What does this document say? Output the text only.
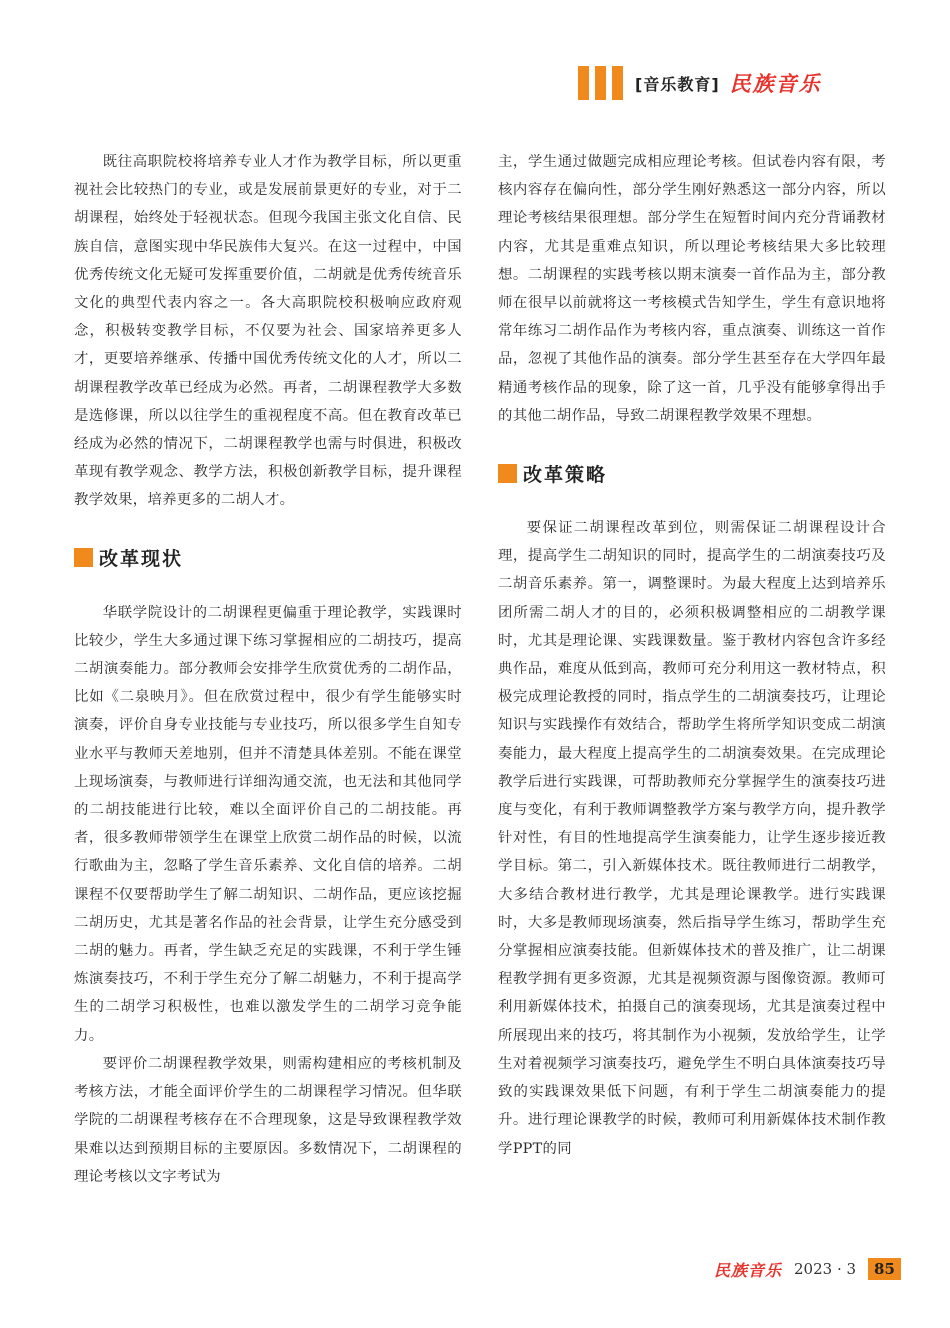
[音乐教育] 民族音乐

既往高职院校将培养专业人才作为教学目标，所以更重视社会比较热门的专业，或是发展前景更好的专业，对于二胡课程，始终处于轻视状态。但现今我国主张文化自信、民族自信，意图实现中华民族伟大复兴。在这一过程中，中国优秀传统文化无疑可发挥重要价值，二胡就是优秀传统音乐文化的典型代表内容之一。各大高职院校积极响应政府观念，积极转变教学目标，不仅要为社会、国家培养更多人才，更要培养继承、传播中国优秀传统文化的人才，所以二胡课程教学改革已经成为必然。再者，二胡课程教学大多数是选修课，所以以往学生的重视程度不高。但在教育改革已经成为必然的情况下，二胡课程教学也需与时俱进，积极改革现有教学观念、教学方法，积极创新教学目标，提升课程教学效果，培养更多的二胡人才。

改革现状

华联学院设计的二胡课程更偏重于理论教学，实践课时比较少，学生大多通过课下练习掌握相应的二胡技巧，提高二胡演奏能力。部分教师会安排学生欣赏优秀的二胡作品，比如《二泉映月》。但在欣赏过程中，很少有学生能够实时演奏，评价自身专业技能与专业技巧，所以很多学生自知专业水平与教师天差地别，但并不清楚具体差别。不能在课堂上现场演奏，与教师进行详细沟通交流，也无法和其他同学的二胡技能进行比较，难以全面评价自己的二胡技能。再者，很多教师带领学生在课堂上欣赏二胡作品的时候，以流行歌曲为主，忽略了学生音乐素养、文化自信的培养。二胡课程不仅要帮助学生了解二胡知识、二胡作品，更应该挖掘二胡历史，尤其是著名作品的社会背景，让学生充分感受到二胡的魅力。再者，学生缺乏充足的实践课，不利于学生锤炼演奏技巧，不利于学生充分了解二胡魅力，不利于提高学生的二胡学习积极性，也难以激发学生的二胡学习竞争能力。

要评价二胡课程教学效果，则需构建相应的考核机制及考核方法，才能全面评价学生的二胡课程学习情况。但华联学院的二胡课程考核存在不合理现象，这是导致课程教学效果难以达到预期目标的主要原因。多数情况下，二胡课程的理论考核以文字考试为

主，学生通过做题完成相应理论考核。但试卷内容有限，考核内容存在偏向性，部分学生刚好熟悉这一部分内容，所以理论考核结果很理想。部分学生在短暂时间内充分背诵教材内容，尤其是重难点知识，所以理论考核结果大多比较理想。二胡课程的实践考核以期末演奏一首作品为主，部分教师在很早以前就将这一考核模式告知学生，学生有意识地将常年练习二胡作品作为考核内容，重点演奏、训练这一首作品，忽视了其他作品的演奏。部分学生甚至存在大学四年最精通考核作品的现象，除了这一首，几乎没有能够拿得出手的其他二胡作品，导致二胡课程教学效果不理想。

改革策略

要保证二胡课程改革到位，则需保证二胡课程设计合理，提高学生二胡知识的同时，提高学生的二胡演奏技巧及二胡音乐素养。第一，调整课时。为最大程度上达到培养乐团所需二胡人才的目的，必须积极调整相应的二胡教学课时，尤其是理论课、实践课数量。鉴于教材内容包含许多经典作品，难度从低到高，教师可充分利用这一教材特点，积极完成理论教授的同时，指点学生的二胡演奏技巧，让理论知识与实践操作有效结合，帮助学生将所学知识变成二胡演奏能力，最大程度上提高学生的二胡演奏效果。在完成理论教学后进行实践课，可帮助教师充分掌握学生的演奏技巧进度与变化，有利于教师调整教学方案与教学方向，提升教学针对性，有目的性地提高学生演奏能力，让学生逐步接近教学目标。第二，引入新媒体技术。既往教师进行二胡教学，大多结合教材进行教学，尤其是理论课教学。进行实践课时，大多是教师现场演奏，然后指导学生练习，帮助学生充分掌握相应演奏技能。但新媒体技术的普及推广，让二胡课程教学拥有更多资源，尤其是视频资源与图像资源。教师可利用新媒体技术，拍摄自己的演奏现场，尤其是演奏过程中所展现出来的技巧，将其制作为小视频，发放给学生，让学生对着视频学习演奏技巧，避免学生不明白具体演奏技巧导致的实践课效果低下问题，有利于学生二胡演奏能力的提升。进行理论课教学的时候，教师可利用新媒体技术制作教学PPT的同

民族音乐 2023 · 3	85
